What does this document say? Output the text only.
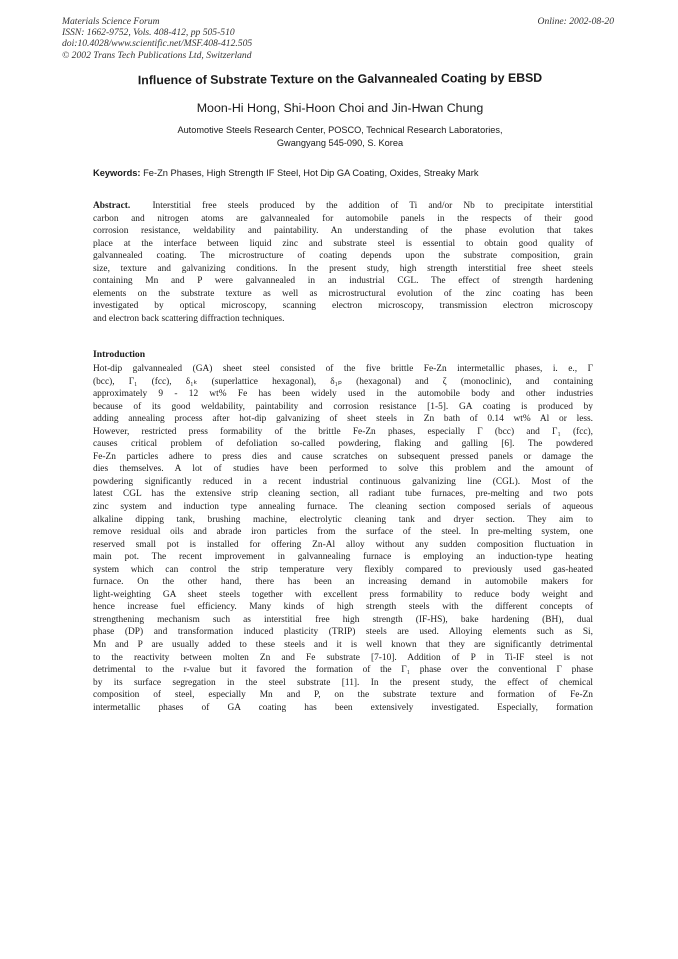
Materials Science Forum
ISSN: 1662-9752, Vols. 408-412, pp 505-510
doi:10.4028/www.scientific.net/MSF.408-412.505
© 2002 Trans Tech Publications Ltd, Switzerland
Online: 2002-08-20
Influence of Substrate Texture on the Galvannealed Coating by EBSD
Moon-Hi Hong, Shi-Hoon Choi and Jin-Hwan Chung
Automotive Steels Research Center, POSCO, Technical Research Laboratories,
Gwangyang 545-090, S. Korea
Keywords: Fe-Zn Phases, High Strength IF Steel, Hot Dip GA Coating, Oxides, Streaky Mark
Abstract. Interstitial free steels produced by the addition of Ti and/or Nb to precipitate interstitial
carbon and nitrogen atoms are galvannealed for automobile panels in the respects of their good
corrosion resistance, weldability and paintability. An understanding of the phase evolution that takes
place at the interface between liquid zinc and substrate steel is essential to obtain good quality of
galvannealed coating. The microstructure of coating depends upon the substrate composition, grain
size, texture and galvanizing conditions. In the present study, high strength interstitial free sheet steels
containing Mn and P were galvannealed in an industrial CGL. The effect of strength hardening
elements on the substrate texture as well as microstructural evolution of the zinc coating has been
investigated by optical microscopy, scanning electron microscopy, transmission electron microscopy
and electron back scattering diffraction techniques.
Introduction
Hot-dip galvannealed (GA) sheet steel consisted of the five brittle Fe-Zn intermetallic phases, i. e., Γ
(bcc), Γ₁ (fcc), δ₁ₖ (superlattice hexagonal), δ₁ₚ (hexagonal) and ζ (monoclinic), and containing
approximately 9 - 12 wt% Fe has been widely used in the automobile body and other industries
because of its good weldability, paintability and corrosion resistance [1-5]. GA coating is produced by
adding annealing process after hot-dip galvanizing of sheet steels in Zn bath of 0.14 wt% Al or less.
However, restricted press formability of the brittle Fe-Zn phases, especially Γ (bcc) and Γ₁ (fcc),
causes critical problem of defoliation so-called powdering, flaking and galling [6]. The powdered
Fe-Zn particles adhere to press dies and cause scratches on subsequent pressed panels or damage the
dies themselves. A lot of studies have been performed to solve this problem and the amount of
powdering significantly reduced in a recent industrial continuous galvanizing line (CGL). Most of the
latest CGL has the extensive strip cleaning section, all radiant tube furnaces, pre-melting and two pots
zinc system and induction type annealing furnace. The cleaning section composed serials of aqueous
alkaline dipping tank, brushing machine, electrolytic cleaning tank and dryer section. They aim to
remove residual oils and abrade iron particles from the surface of the steel. In pre-melting system, one
reserved small pot is installed for offering Zn-Al alloy without any sudden composition fluctuation in
main pot. The recent improvement in galvannealing furnace is employing an induction-type heating
system which can control the strip temperature very flexibly compared to previously used gas-heated
furnace. On the other hand, there has been an increasing demand in automobile makers for
light-weighting GA sheet steels together with excellent press formability to reduce body weight and
hence increase fuel efficiency. Many kinds of high strength steels with the different concepts of
strengthening mechanism such as interstitial free high strength (IF-HS), bake hardening (BH), dual
phase (DP) and transformation induced plasticity (TRIP) steels are used. Alloying elements such as Si,
Mn and P are usually added to these steels and it is well known that they are significantly detrimental
to the reactivity between molten Zn and Fe substrate [7-10]. Addition of P in Ti-IF steel is not
detrimental to the r-value but it favored the formation of the Γ₁ phase over the conventional Γ phase
by its surface segregation in the steel substrate [11]. In the present study, the effect of chemical
composition of steel, especially Mn and P, on the substrate texture and formation of Fe-Zn
intermetallic phases of GA coating has been extensively investigated. Especially, formation
